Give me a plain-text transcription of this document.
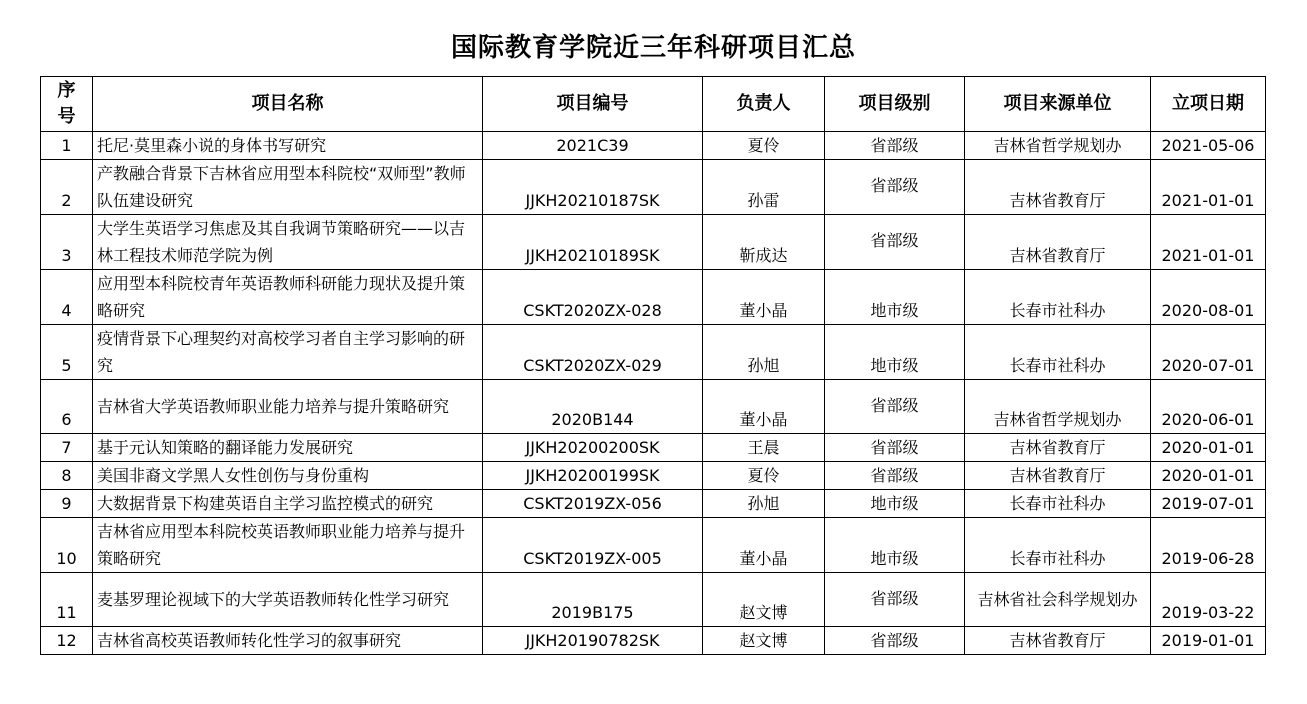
国际教育学院近三年科研项目汇总
序号	项目名称	项目编号	负责人	项目级别	项目来源单位	立项日期
1	托尼·莫里森小说的身体书写研究	2021C39	夏伶	省部级	吉林省哲学规划办	2021-05-06
2	产教融合背景下吉林省应用型本科院校“双师型”教师队伍建设研究	JJKH20210187SK	孙雷	省部级	吉林省教育厅	2021-01-01
3	大学生英语学习焦虑及其自我调节策略研究——以吉林工程技术师范学院为例	JJKH20210189SK	靳成达	省部级	吉林省教育厅	2021-01-01
4	应用型本科院校青年英语教师科研能力现状及提升策略研究	CSKT2020ZX-028	董小晶	地市级	长春市社科办	2020-08-01
5	疫情背景下心理契约对高校学习者自主学习影响的研究	CSKT2020ZX-029	孙旭	地市级	长春市社科办	2020-07-01
6	吉林省大学英语教师职业能力培养与提升策略研究	2020B144	董小晶	省部级	吉林省哲学规划办	2020-06-01
7	基于元认知策略的翻译能力发展研究	JJKH20200200SK	王晨	省部级	吉林省教育厅	2020-01-01
8	美国非裔文学黑人女性创伤与身份重构	JJKH20200199SK	夏伶	省部级	吉林省教育厅	2020-01-01
9	大数据背景下构建英语自主学习监控模式的研究	CSKT2019ZX-056	孙旭	地市级	长春市社科办	2019-07-01
10	吉林省应用型本科院校英语教师职业能力培养与提升策略研究	CSKT2019ZX-005	董小晶	地市级	长春市社科办	2019-06-28
11	麦基罗理论视域下的大学英语教师转化性学习研究	2019B175	赵文博	省部级	吉林省社会科学规划办	2019-03-22
12	吉林省高校英语教师转化性学习的叙事研究	JJKH20190782SK	赵文博	省部级	吉林省教育厅	2019-01-01
